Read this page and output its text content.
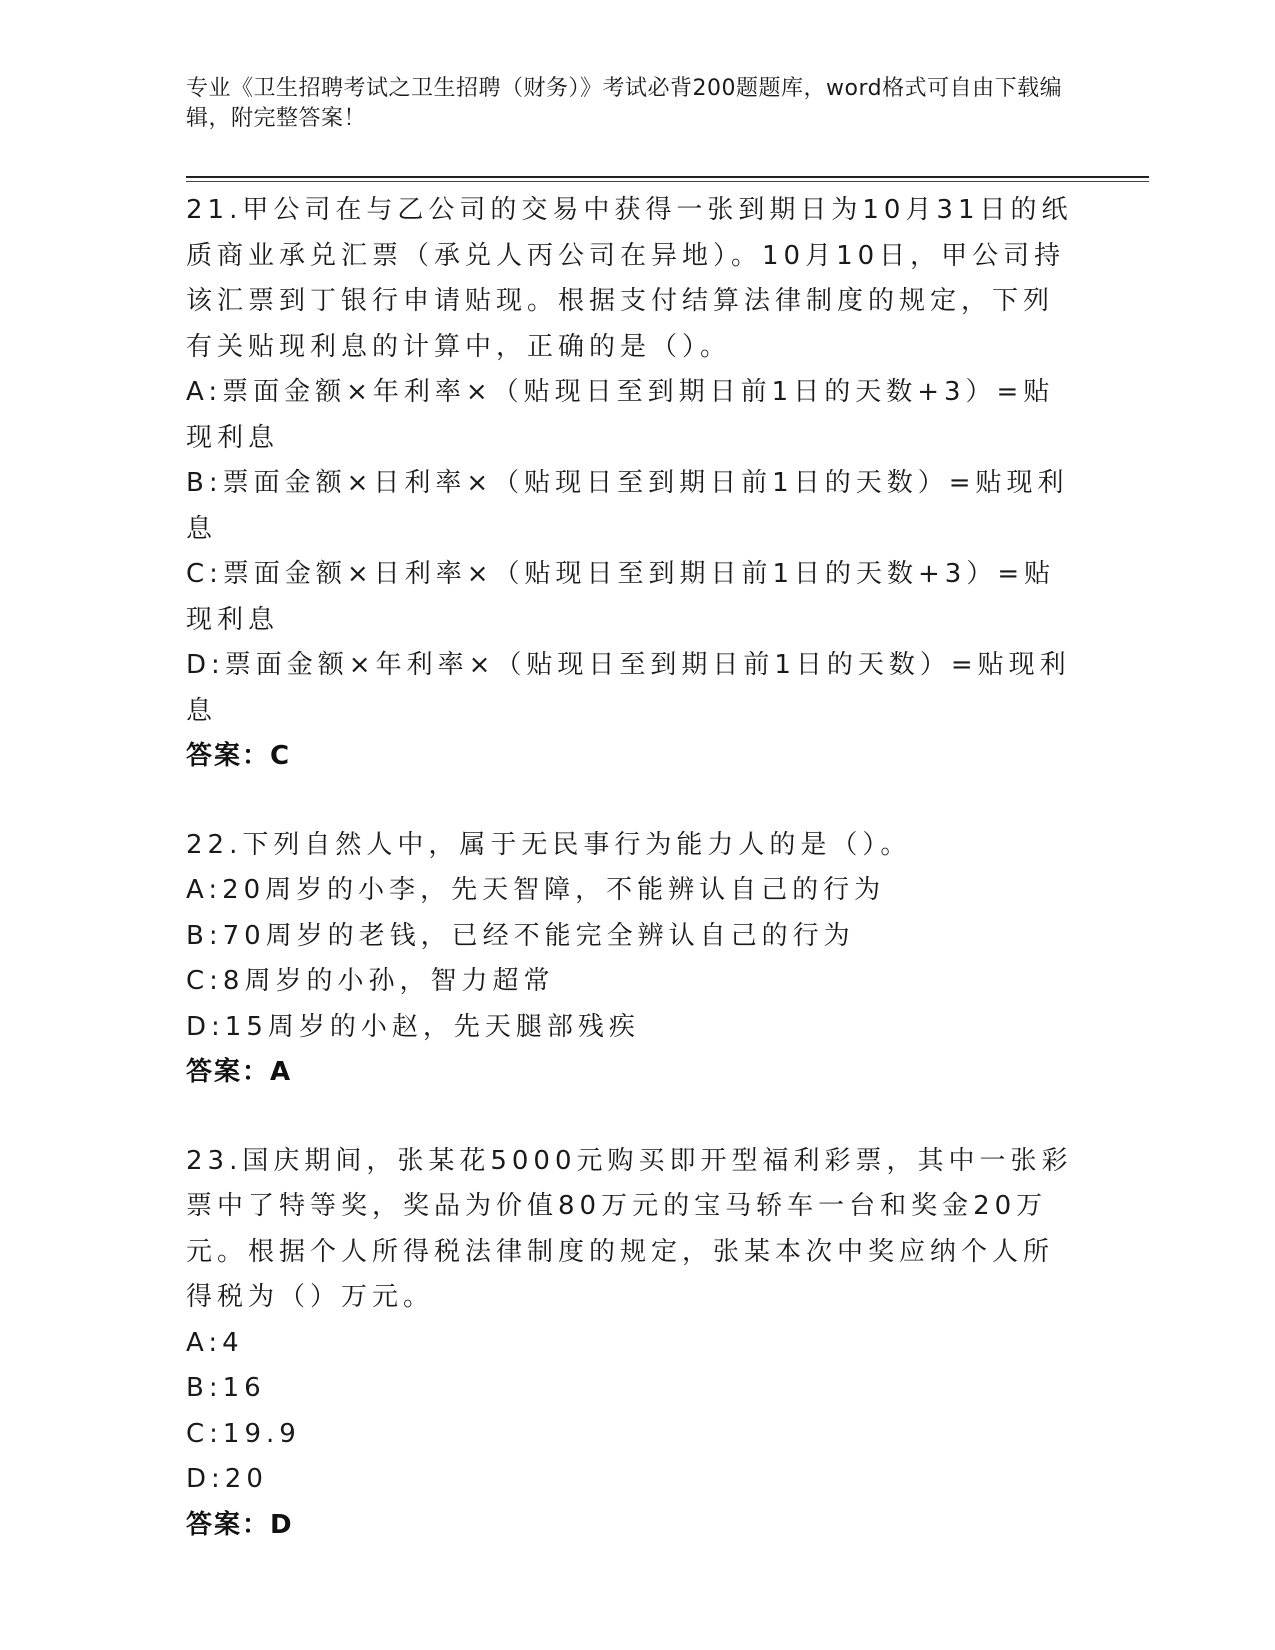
专业《卫生招聘考试之卫生招聘（财务）》考试必背200题题库，word格式可自由下载编辑，附完整答案！
21.甲公司在与乙公司的交易中获得一张到期日为10月31日的纸质商业承兑汇票（承兑人丙公司在异地）。10月10日，甲公司持该汇票到丁银行申请贴现。根据支付结算法律制度的规定，下列有关贴现利息的计算中，正确的是（）。
A:票面金额×年利率×（贴现日至到期日前1日的天数+3）=贴现利息
B:票面金额×日利率×（贴现日至到期日前1日的天数）=贴现利息
C:票面金额×日利率×（贴现日至到期日前1日的天数+3）=贴现利息
D:票面金额×年利率×（贴现日至到期日前1日的天数）=贴现利息
答案：C
22.下列自然人中，属于无民事行为能力人的是（）。
A:20周岁的小李，先天智障，不能辨认自己的行为
B:70周岁的老钱，已经不能完全辨认自己的行为
C:8周岁的小孙，智力超常
D:15周岁的小赵，先天腿部残疾
答案：A
23.国庆期间，张某花5000元购买即开型福利彩票，其中一张彩票中了特等奖，奖品为价值80万元的宝马轿车一台和奖金20万元。根据个人所得税法律制度的规定，张某本次中奖应纳个人所得税为（）万元。
A:4
B:16
C:19.9
D:20
答案：D
